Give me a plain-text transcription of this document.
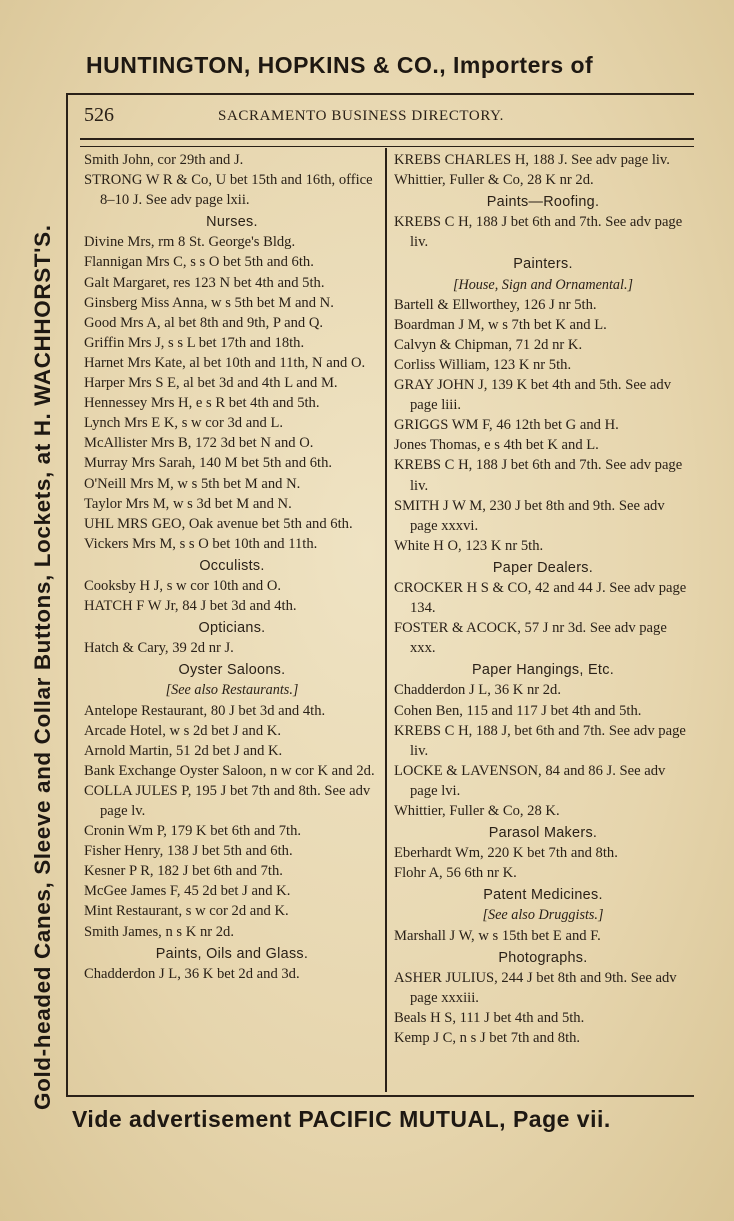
HUNTINGTON, HOPKINS & CO., Importers of
Gold-headed Canes, Sleeve and Collar Buttons, Lockets, at H. WACHHORST'S.
Vide advertisement PACIFIC MUTUAL, Page vii.
526	SACRAMENTO BUSINESS DIRECTORY.
Smith John, cor 29th and J.
STRONG W R & Co, U bet 15th and 16th, office 8–10 J. See adv page lxii.
Nurses.
Divine Mrs, rm 8 St. George's Bldg.
Flannigan Mrs C, s s O bet 5th and 6th.
Galt Margaret, res 123 N bet 4th and 5th.
Ginsberg Miss Anna, w s 5th bet M and N.
Good Mrs A, al bet 8th and 9th, P and Q.
Griffin Mrs J, s s L bet 17th and 18th.
Harnet Mrs Kate, al bet 10th and 11th, N and O.
Harper Mrs S E, al bet 3d and 4th L and M.
Hennessey Mrs H, e s R bet 4th and 5th.
Lynch Mrs E K, s w cor 3d and L.
McAllister Mrs B, 172 3d bet N and O.
Murray Mrs Sarah, 140 M bet 5th and 6th.
O'Neill Mrs M, w s 5th bet M and N.
Taylor Mrs M, w s 3d bet M and N.
UHL MRS GEO, Oak avenue bet 5th and 6th.
Vickers Mrs M, s s O bet 10th and 11th.
Occulists.
Cooksby H J, s w cor 10th and O.
HATCH F W Jr, 84 J bet 3d and 4th.
Opticians.
Hatch & Cary, 39 2d nr J.
Oyster Saloons.
[See also Restaurants.]
Antelope Restaurant, 80 J bet 3d and 4th.
Arcade Hotel, w s 2d bet J and K.
Arnold Martin, 51 2d bet J and K.
Bank Exchange Oyster Saloon, n w cor K and 2d.
COLLA JULES P, 195 J bet 7th and 8th. See adv page lv.
Cronin Wm P, 179 K bet 6th and 7th.
Fisher Henry, 138 J bet 5th and 6th.
Kesner P R, 182 J bet 6th and 7th.
McGee James F, 45 2d bet J and K.
Mint Restaurant, s w cor 2d and K.
Smith James, n s K nr 2d.
Paints, Oils and Glass.
Chadderdon J L, 36 K bet 2d and 3d.
KREBS CHARLES H, 188 J. See adv page liv.
Whittier, Fuller & Co, 28 K nr 2d.
Paints—Roofing.
KREBS C H, 188 J bet 6th and 7th. See adv page liv.
Painters.
[House, Sign and Ornamental.]
Bartell & Ellworthey, 126 J nr 5th.
Boardman J M, w s 7th bet K and L.
Calvyn & Chipman, 71 2d nr K.
Corliss William, 123 K nr 5th.
GRAY JOHN J, 139 K bet 4th and 5th. See adv page liii.
GRIGGS WM F, 46 12th bet G and H.
Jones Thomas, e s 4th bet K and L.
KREBS C H, 188 J bet 6th and 7th. See adv page liv.
SMITH J W M, 230 J bet 8th and 9th. See adv page xxxvi.
White H O, 123 K nr 5th.
Paper Dealers.
CROCKER H S & CO, 42 and 44 J. See adv page 134.
FOSTER & ACOCK, 57 J nr 3d. See adv page xxx.
Paper Hangings, Etc.
Chadderdon J L, 36 K nr 2d.
Cohen Ben, 115 and 117 J bet 4th and 5th.
KREBS C H, 188 J, bet 6th and 7th. See adv page liv.
LOCKE & LAVENSON, 84 and 86 J. See adv page lvi.
Whittier, Fuller & Co, 28 K.
Parasol Makers.
Eberhardt Wm, 220 K bet 7th and 8th.
Flohr A, 56 6th nr K.
Patent Medicines.
[See also Druggists.]
Marshall J W, w s 15th bet E and F.
Photographs.
ASHER JULIUS, 244 J bet 8th and 9th. See adv page xxxiii.
Beals H S, 111 J bet 4th and 5th.
Kemp J C, n s J bet 7th and 8th.
